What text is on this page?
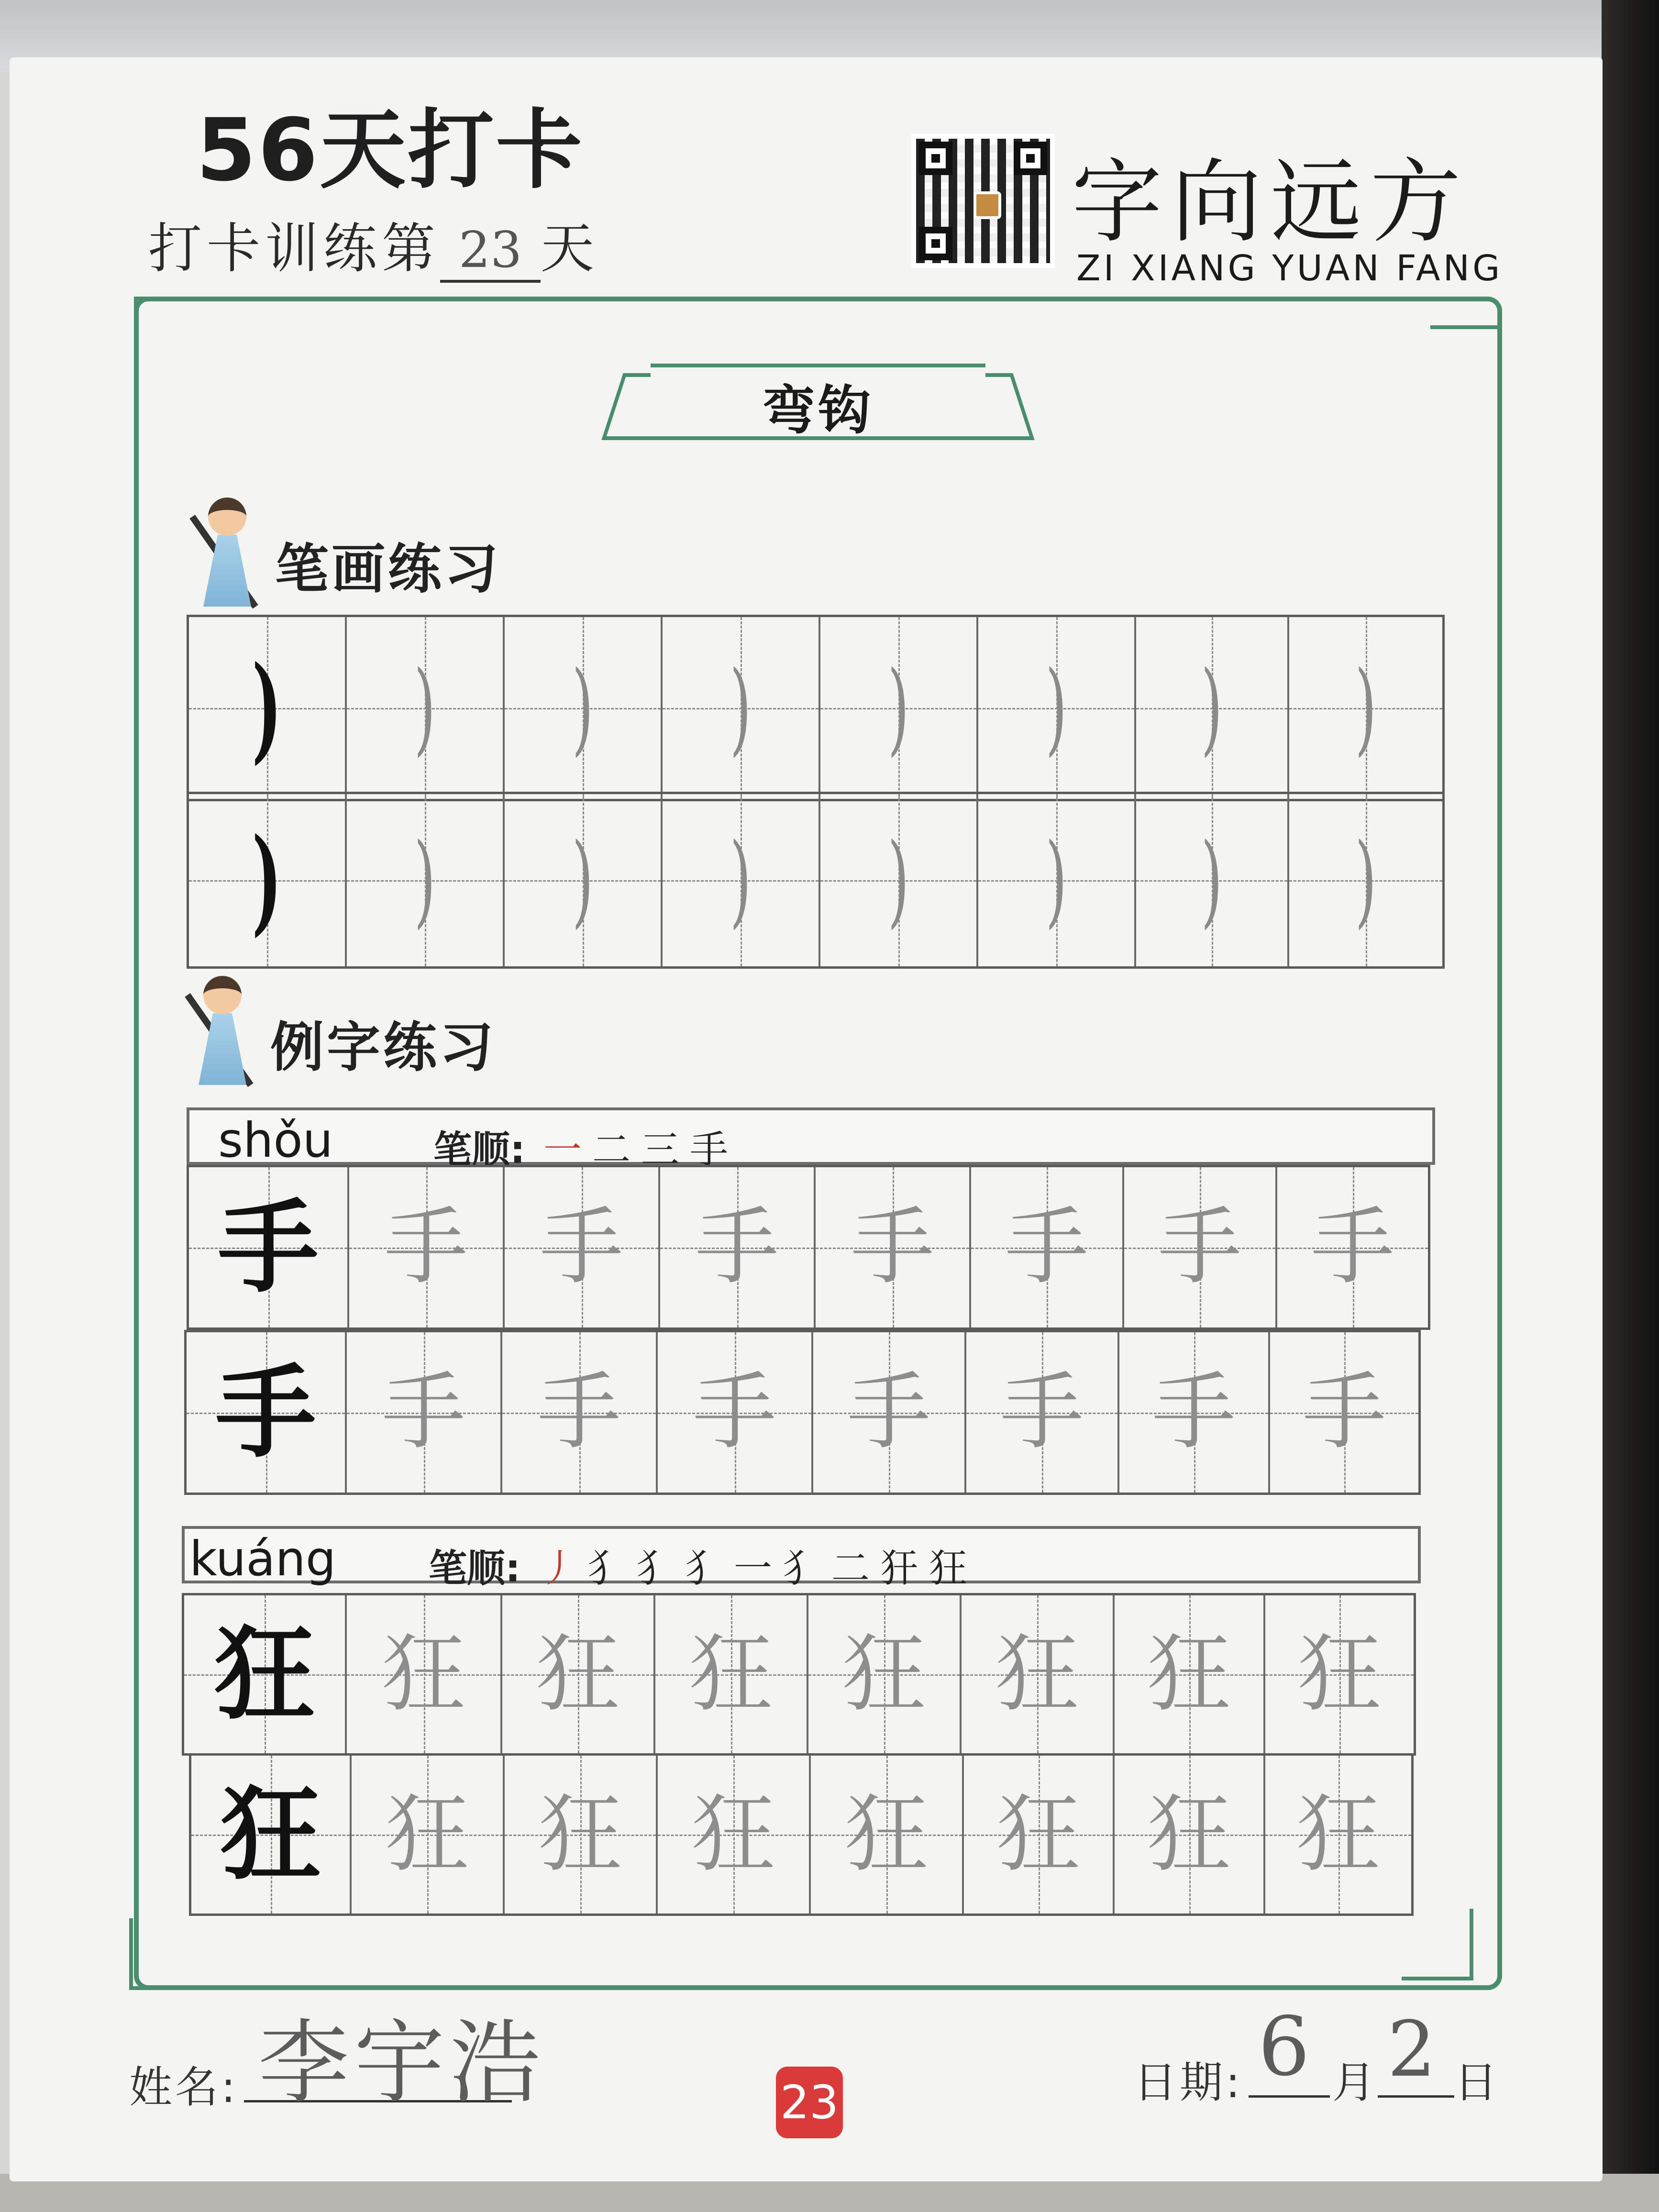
56天打卡
打卡训练第 23 天	字向远方
ZI XIANG YUAN FANG
弯钩
笔画练习
) ) ) ) ) ) ) )
) ) ) ) ) ) ) )
例字练习
shǒu	笔顺: 一二三手
手 手 手 手 手 手 手 手
手 手 手 手 手 手 手 手
kuáng 笔顺: 丿犭犭犭一犭二犴狂
狂 狂 狂 狂 狂 狂 狂 狂
狂 狂 狂 狂 狂 狂 狂 狂
姓名: 李宇浩	23	日期: 6 月 2 日
